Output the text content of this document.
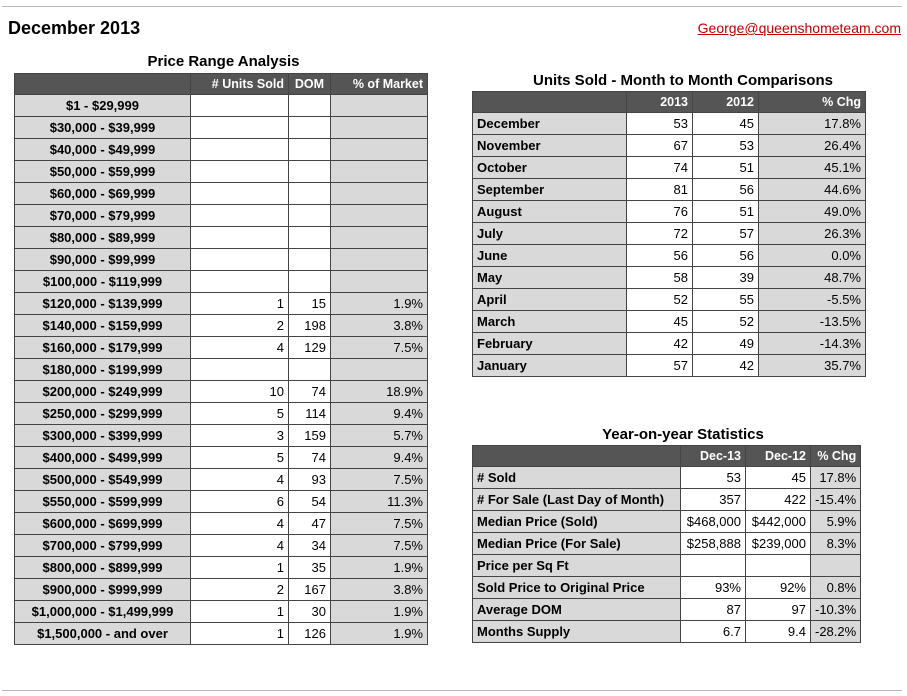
December 2013	George@queenshometeam.com
Price Range Analysis
	# Units Sold	DOM	% of Market
$1 - $29,999			
$30,000 - $39,999			
$40,000 - $49,999			
$50,000 - $59,999			
$60,000 - $69,999			
$70,000 - $79,999			
$80,000 - $89,999			
$90,000 - $99,999			
$100,000 - $119,999			
$120,000 - $139,999	1	15	1.9%
$140,000 - $159,999	2	198	3.8%
$160,000 - $179,999	4	129	7.5%
$180,000 - $199,999			
$200,000 - $249,999	10	74	18.9%
$250,000 - $299,999	5	114	9.4%
$300,000 - $399,999	3	159	5.7%
$400,000 - $499,999	5	74	9.4%
$500,000 - $549,999	4	93	7.5%
$550,000 - $599,999	6	54	11.3%
$600,000 - $699,999	4	47	7.5%
$700,000 - $799,999	4	34	7.5%
$800,000 - $899,999	1	35	1.9%
$900,000 - $999,999	2	167	3.8%
$1,000,000 - $1,499,999	1	30	1.9%
$1,500,000 - and over	1	126	1.9%
Units Sold - Month to Month Comparisons
	2013	2012	% Chg
December	53	45	17.8%
November	67	53	26.4%
October	74	51	45.1%
September	81	56	44.6%
August	76	51	49.0%
July	72	57	26.3%
June	56	56	0.0%
May	58	39	48.7%
April	52	55	-5.5%
March	45	52	-13.5%
February	42	49	-14.3%
January	57	42	35.7%
Year-on-year Statistics
	Dec-13	Dec-12	% Chg
# Sold	53	45	17.8%
# For Sale (Last Day of Month)	357	422	-15.4%
Median Price (Sold)	$468,000	$442,000	5.9%
Median Price (For Sale)	$258,888	$239,000	8.3%
Price per Sq Ft			
Sold Price to Original Price	93%	92%	0.8%
Average DOM	87	97	-10.3%
Months Supply	6.7	9.4	-28.2%
